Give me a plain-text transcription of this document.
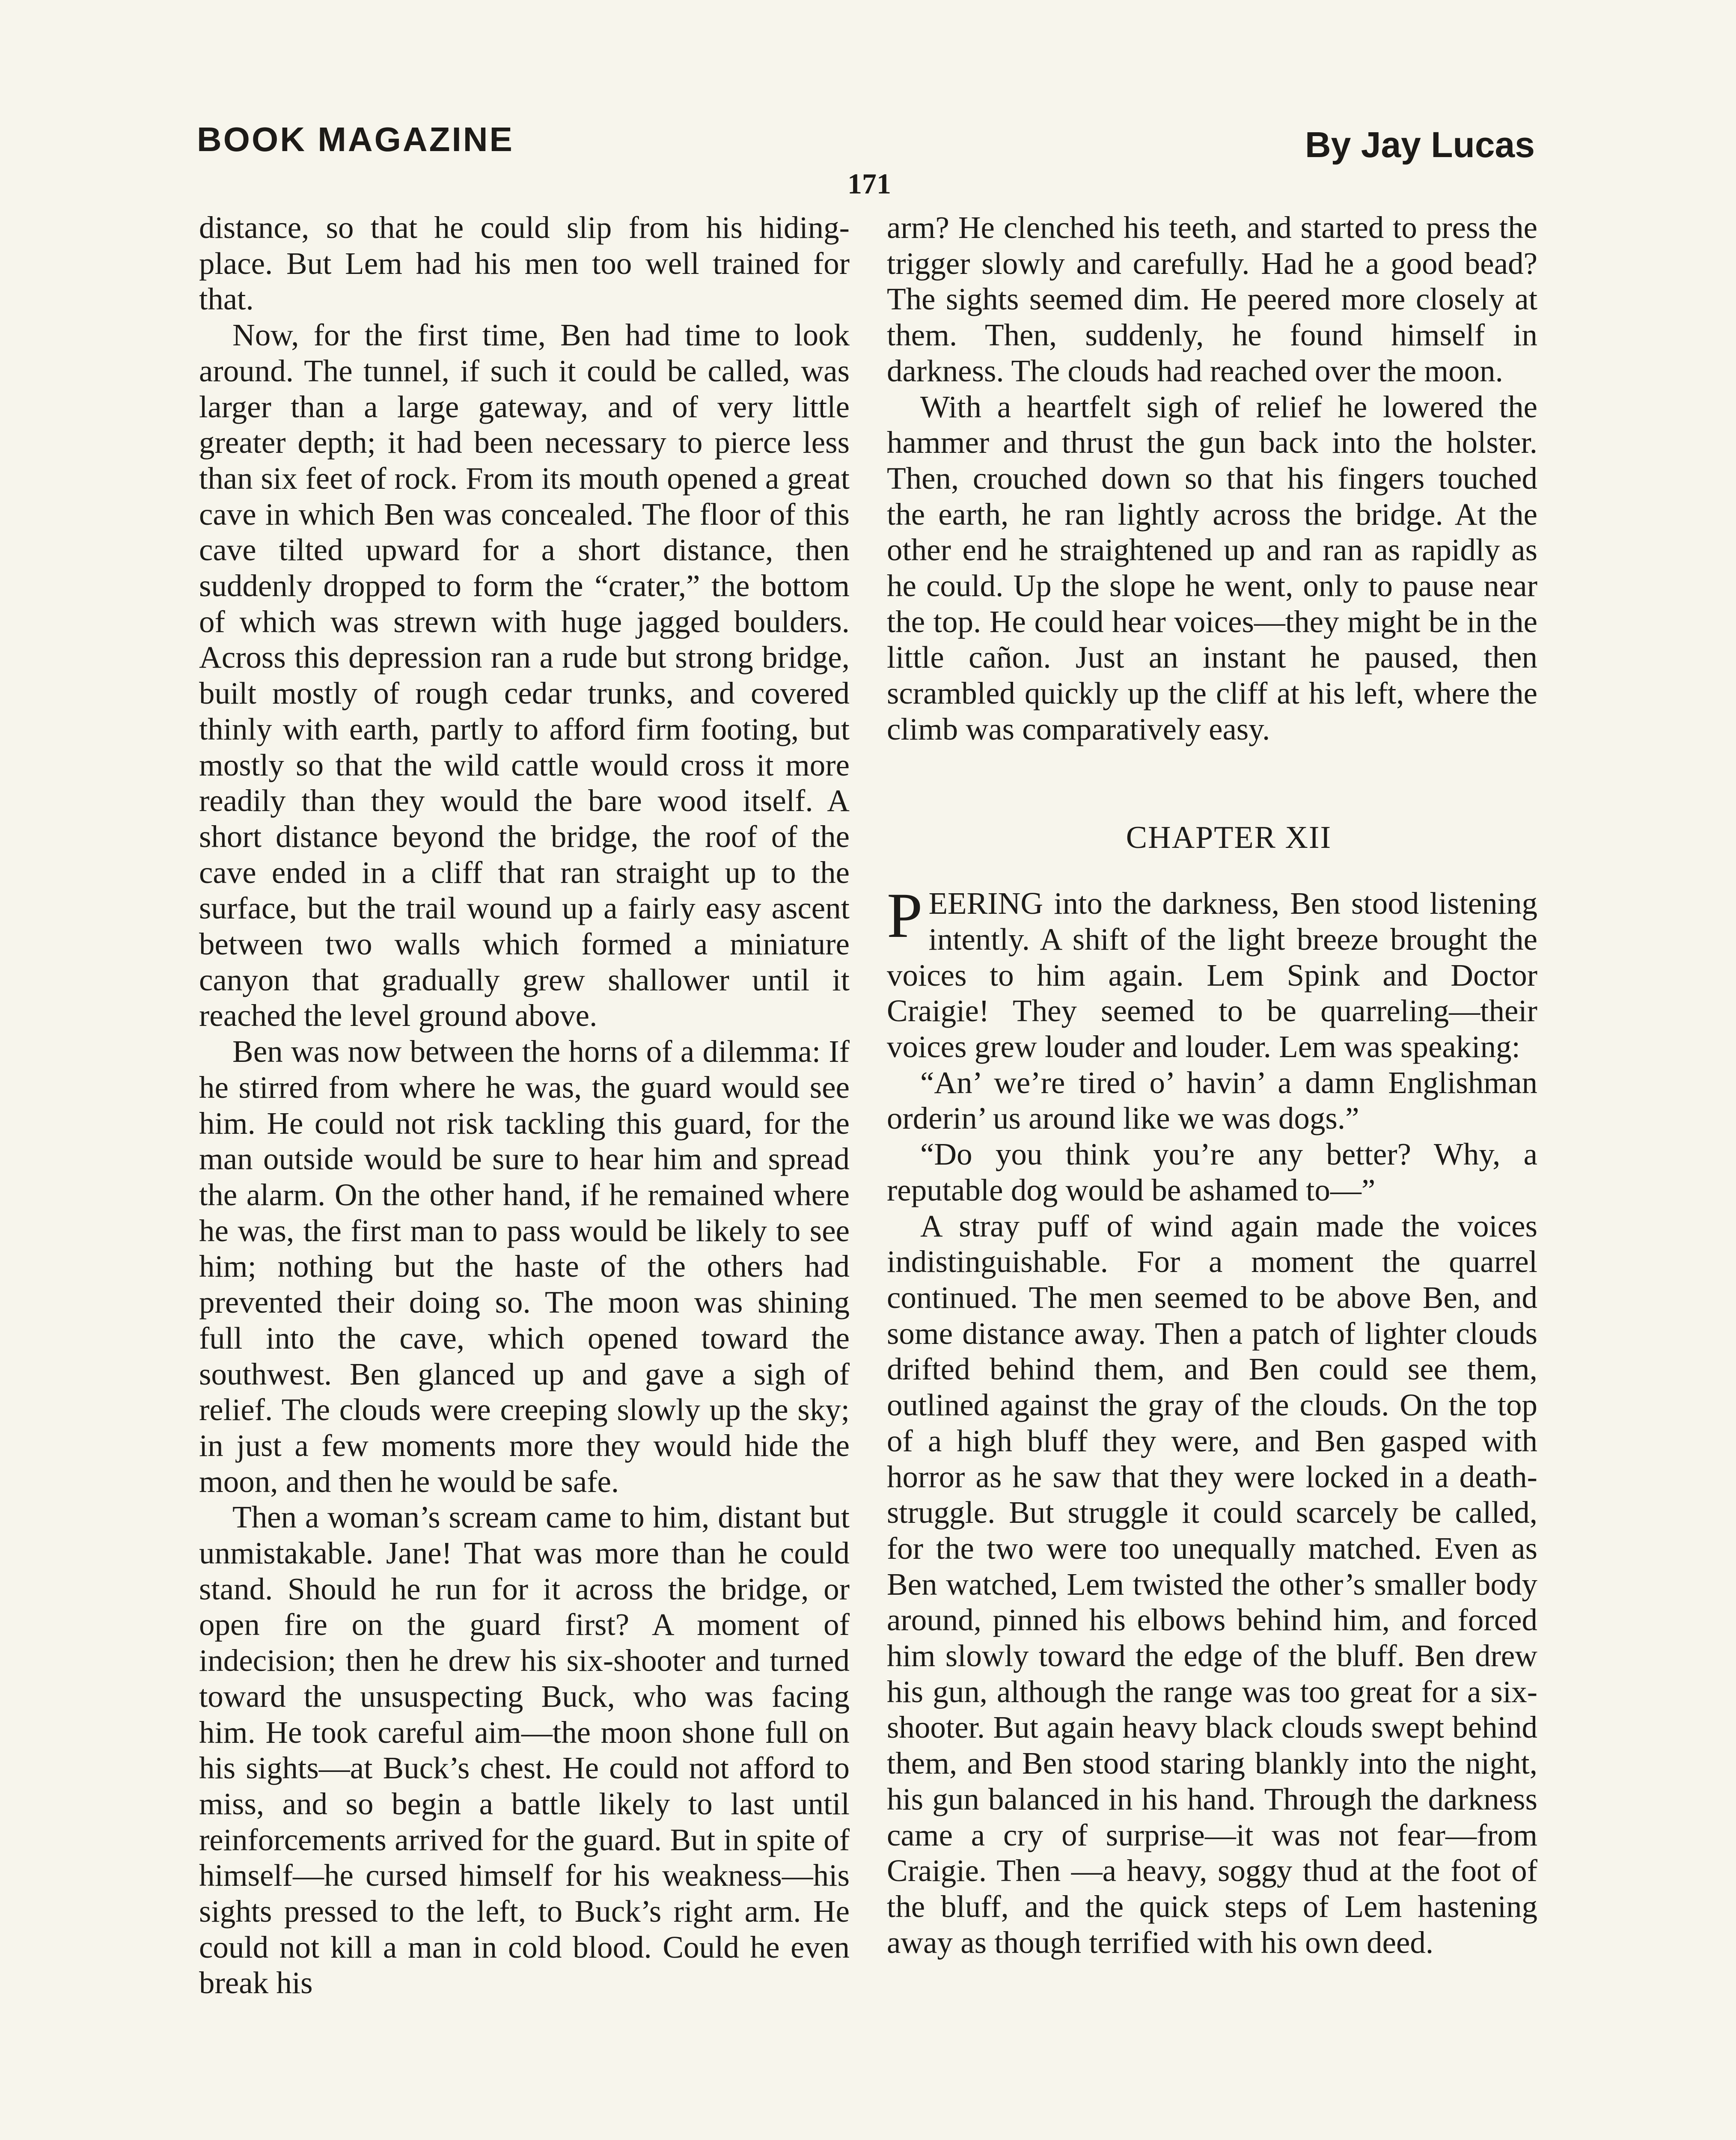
BOOK MAGAZINE	By Jay Lucas
171

distance, so that he could slip from his hiding-place. But Lem had his men too well trained for that.

Now, for the first time, Ben had time to look around. The tunnel, if such it could be called, was larger than a large gateway, and of very little greater depth; it had been necessary to pierce less than six feet of rock. From its mouth opened a great cave in which Ben was concealed. The floor of this cave tilted upward for a short distance, then suddenly dropped to form the “crater,” the bottom of which was strewn with huge jagged boulders. Across this depression ran a rude but strong bridge, built mostly of rough cedar trunks, and covered thinly with earth, partly to afford firm footing, but mostly so that the wild cattle would cross it more readily than they would the bare wood itself. A short distance beyond the bridge, the roof of the cave ended in a cliff that ran straight up to the surface, but the trail wound up a fairly easy ascent between two walls which formed a miniature canyon that gradually grew shallower until it reached the level ground above.

Ben was now between the horns of a dilemma: If he stirred from where he was, the guard would see him. He could not risk tackling this guard, for the man outside would be sure to hear him and spread the alarm. On the other hand, if he remained where he was, the first man to pass would be likely to see him; nothing but the haste of the others had prevented their doing so. The moon was shining full into the cave, which opened toward the southwest. Ben glanced up and gave a sigh of relief. The clouds were creeping slowly up the sky; in just a few moments more they would hide the moon, and then he would be safe.

Then a woman’s scream came to him, distant but unmistakable. Jane! That was more than he could stand. Should he run for it across the bridge, or open fire on the guard first? A moment of indecision; then he drew his six-shooter and turned toward the unsuspecting Buck, who was facing him. He took careful aim—the moon shone full on his sights—at Buck’s chest. He could not afford to miss, and so begin a battle likely to last until reinforcements arrived for the guard. But in spite of himself—he cursed himself for his weakness—his sights pressed to the left, to Buck’s right arm. He could not kill a man in cold blood. Could he even break his

arm? He clenched his teeth, and started to press the trigger slowly and carefully. Had he a good bead? The sights seemed dim. He peered more closely at them. Then, suddenly, he found himself in darkness. The clouds had reached over the moon.

With a heartfelt sigh of relief he lowered the hammer and thrust the gun back into the holster. Then, crouched down so that his fingers touched the earth, he ran lightly across the bridge. At the other end he straightened up and ran as rapidly as he could. Up the slope he went, only to pause near the top. He could hear voices—they might be in the little cañon. Just an instant he paused, then scrambled quickly up the cliff at his left, where the climb was comparatively easy.

CHAPTER XII

PEERING into the darkness, Ben stood listening intently. A shift of the light breeze brought the voices to him again. Lem Spink and Doctor Craigie! They seemed to be quarreling—their voices grew louder and louder. Lem was speaking:

“An’ we’re tired o’ havin’ a damn Englishman orderin’ us around like we was dogs.”

“Do you think you’re any better? Why, a reputable dog would be ashamed to—”

A stray puff of wind again made the voices indistinguishable. For a moment the quarrel continued. The men seemed to be above Ben, and some distance away. Then a patch of lighter clouds drifted behind them, and Ben could see them, outlined against the gray of the clouds. On the top of a high bluff they were, and Ben gasped with horror as he saw that they were locked in a death-struggle. But struggle it could scarcely be called, for the two were too unequally matched. Even as Ben watched, Lem twisted the other’s smaller body around, pinned his elbows behind him, and forced him slowly toward the edge of the bluff. Ben drew his gun, although the range was too great for a six-shooter. But again heavy black clouds swept behind them, and Ben stood staring blankly into the night, his gun balanced in his hand. Through the darkness came a cry of surprise—it was not fear—from Craigie. Then —a heavy, soggy thud at the foot of the bluff, and the quick steps of Lem hastening away as though terrified with his own deed.
